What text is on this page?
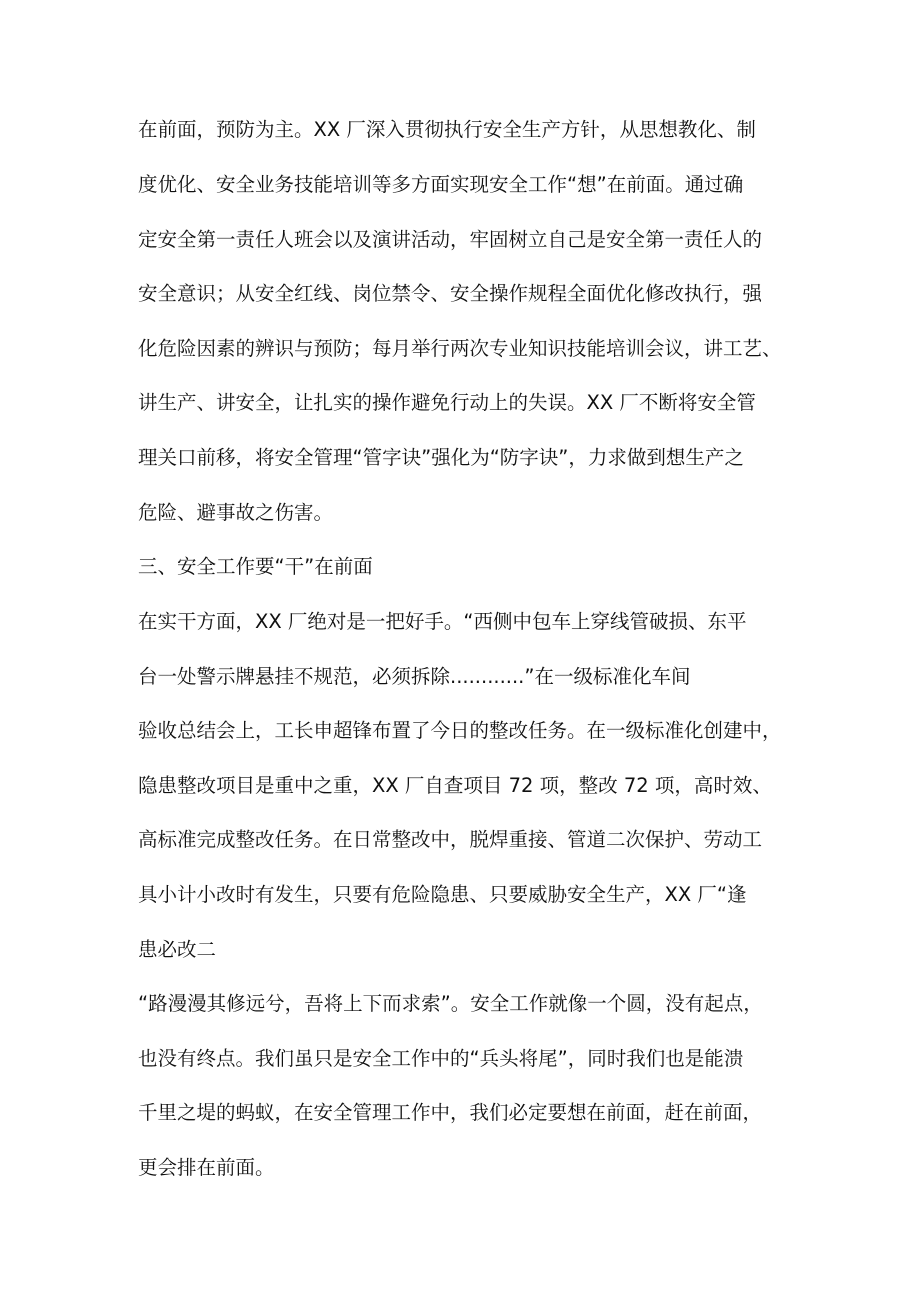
在前面，预防为主。XX 厂深入贯彻执行安全生产方针，从思想教化、制
度优化、安全业务技能培训等多方面实现安全工作“想”在前面。通过确
定安全第一责任人班会以及演讲活动，牢固树立自己是安全第一责任人的
安全意识；从安全红线、岗位禁令、安全操作规程全面优化修改执行，强
化危险因素的辨识与预防；每月举行两次专业知识技能培训会议，讲工艺、
讲生产、讲安全，让扎实的操作避免行动上的失误。XX 厂不断将安全管
理关口前移，将安全管理“管字诀”强化为“防字诀”，力求做到想生产之
危险、避事故之伤害。
三、安全工作要“干”在前面
在实干方面，XX 厂绝对是一把好手。“西侧中包车上穿线管破损、东平
台一处警示牌悬挂不规范，必须拆除............”在一级标准化车间
验收总结会上，工长申超锋布置了今日的整改任务。在一级标准化创建中，
隐患整改项目是重中之重，XX 厂自查项目 72 项，整改 72 项，高时效、
高标准完成整改任务。在日常整改中，脱焊重接、管道二次保护、劳动工
具小计小改时有发生，只要有危险隐患、只要威胁安全生产，XX 厂“逢
患必改二
“路漫漫其修远兮，吾将上下而求索”。安全工作就像一个圆，没有起点，
也没有终点。我们虽只是安全工作中的“兵头将尾”，同时我们也是能溃
千里之堤的蚂蚁，在安全管理工作中，我们必定要想在前面，赶在前面，
更会排在前面。
